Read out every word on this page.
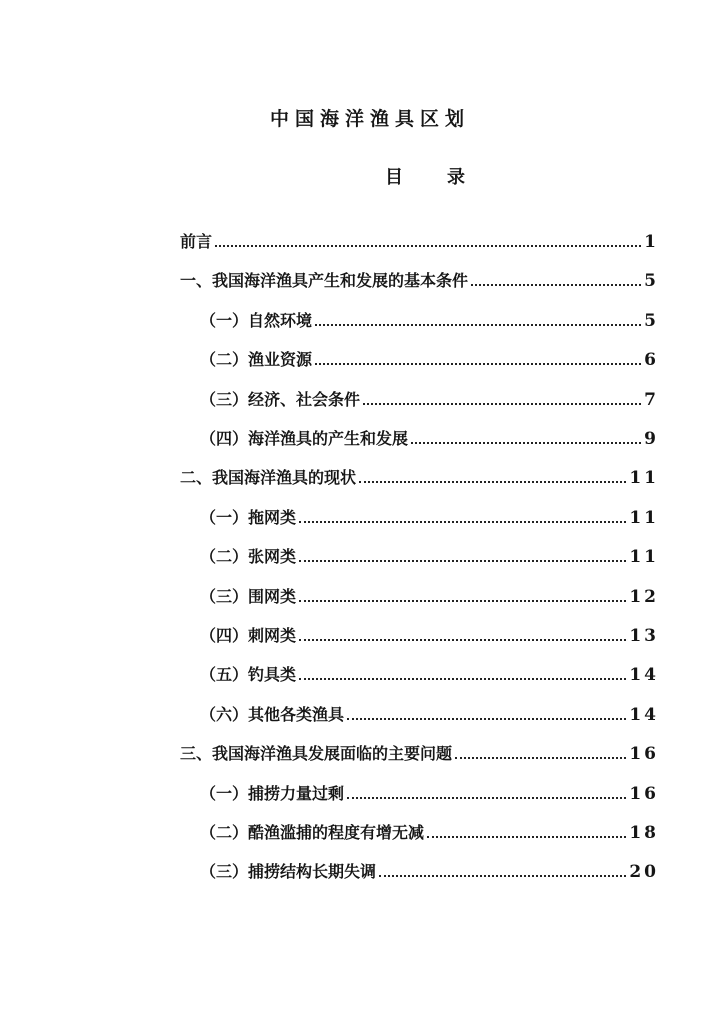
中国海洋渔具区划
目 录
前言	1
一、我国海洋渔具产生和发展的基本条件	5
（一）自然环境	5
（二）渔业资源	6
（三）经济、社会条件	7
（四）海洋渔具的产生和发展	9
二、我国海洋渔具的现状	11
（一）拖网类	11
（二）张网类	11
（三）围网类	12
（四）刺网类	13
（五）钓具类	14
（六）其他各类渔具	14
三、我国海洋渔具发展面临的主要问题	16
（一）捕捞力量过剩	16
（二）酷渔滥捕的程度有增无减	18
（三）捕捞结构长期失调	20
